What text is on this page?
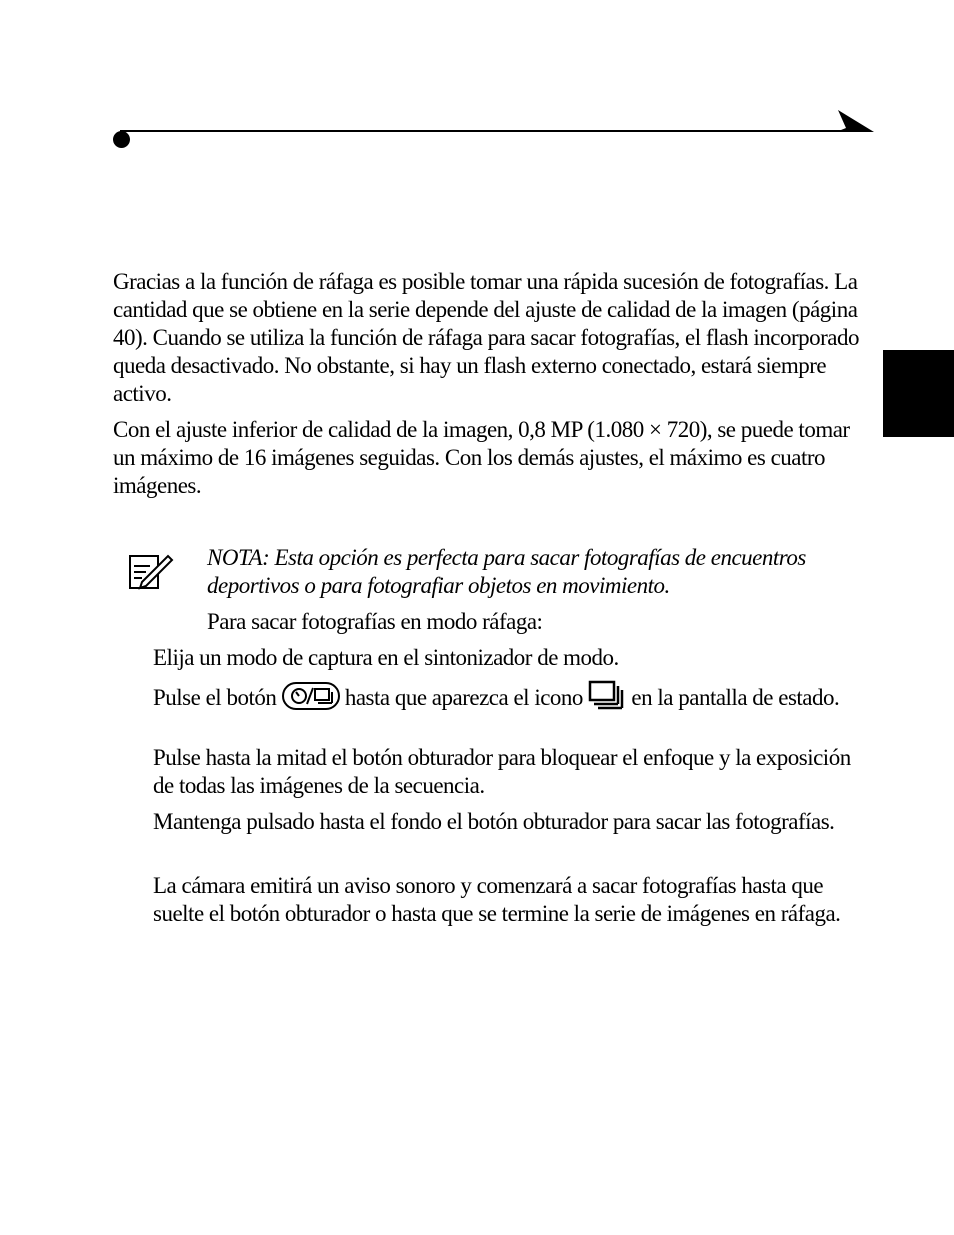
Gracias a la función de ráfaga es posible tomar una rápida sucesión de fotografías. La cantidad que se obtiene en la serie depende del ajuste de calidad de la imagen (página 40). Cuando se utiliza la función de ráfaga para sacar fotografías, el flash incorporado queda desactivado. No obstante, si hay un flash externo conectado, estará siempre activo.

Con el ajuste inferior de calidad de la imagen, 0,8 MP (1.080 × 720), se puede tomar un máximo de 16 imágenes seguidas. Con los demás ajustes, el máximo es cuatro imágenes.

NOTA: Esta opción es perfecta para sacar fotografías de encuentros deportivos o para fotografiar objetos en movimiento.
Para sacar fotografías en modo ráfaga:
Elija un modo de captura en el sintonizador de modo.
Pulse el botón	hasta que aparezca el icono en la pantalla de estado.
Pulse hasta la mitad el botón obturador para bloquear el enfoque y la exposición de todas las imágenes de la secuencia.
Mantenga pulsado hasta el fondo el botón obturador para sacar las fotografías.
La cámara emitirá un aviso sonoro y comenzará a sacar fotografías hasta que suelte el botón obturador o hasta que se termine la serie de imágenes en ráfaga.
